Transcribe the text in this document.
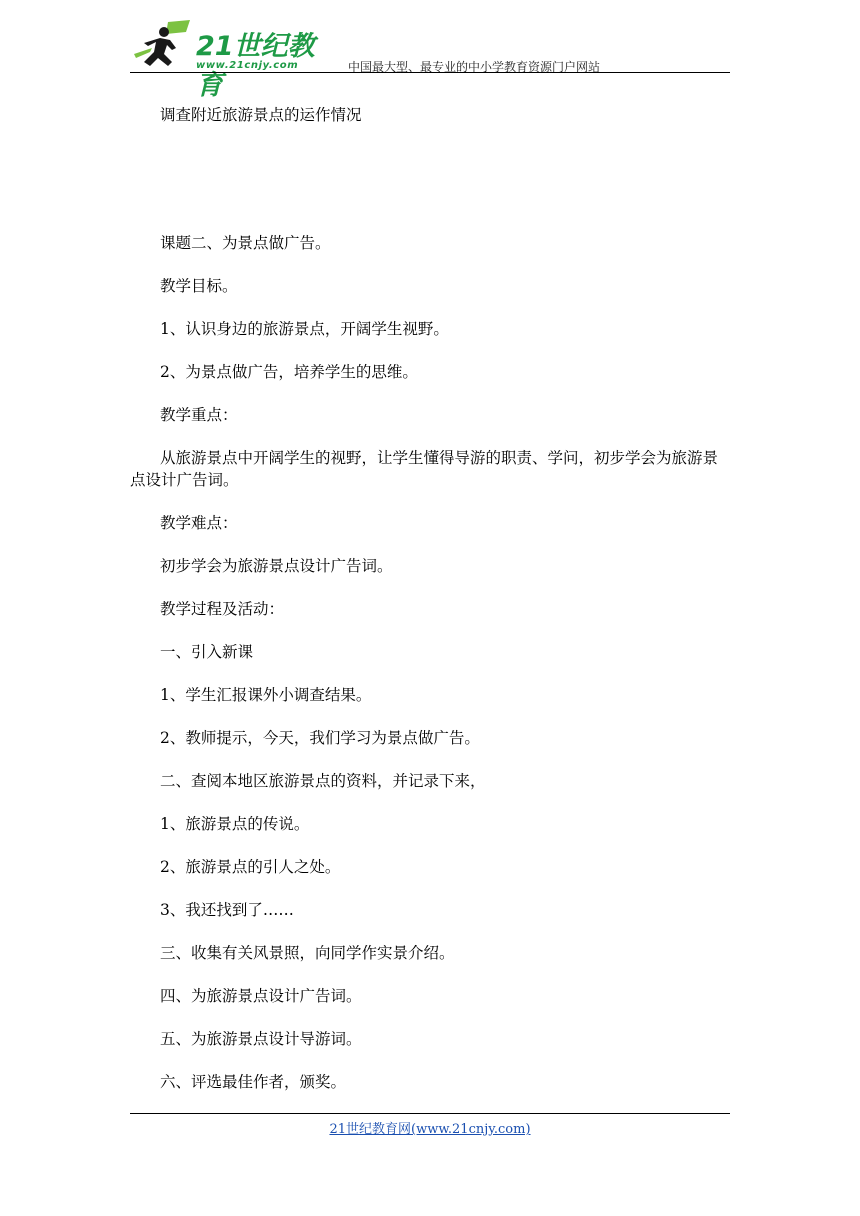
21世纪教育
www.21cnjy.com	中国最大型、最专业的中小学教育资源门户网站

调查附近旅游景点的运作情况

课题二、为景点做广告。

教学目标。

1、认识身边的旅游景点，开阔学生视野。

2、为景点做广告，培养学生的思维。

教学重点：

从旅游景点中开阔学生的视野，让学生懂得导游的职责、学问，初步学会为旅游景点设计广告词。

教学难点：

初步学会为旅游景点设计广告词。

教学过程及活动：

一、引入新课

1、学生汇报课外小调查结果。

2、教师提示，今天，我们学习为景点做广告。

二、查阅本地区旅游景点的资料，并记录下来，

1、旅游景点的传说。

2、旅游景点的引人之处。

3、我还找到了……

三、收集有关风景照，向同学作实景介绍。

四、为旅游景点设计广告词。

五、为旅游景点设计导游词。

六、评选最佳作者，颁奖。

21世纪教育网(www.21cnjy.com)
